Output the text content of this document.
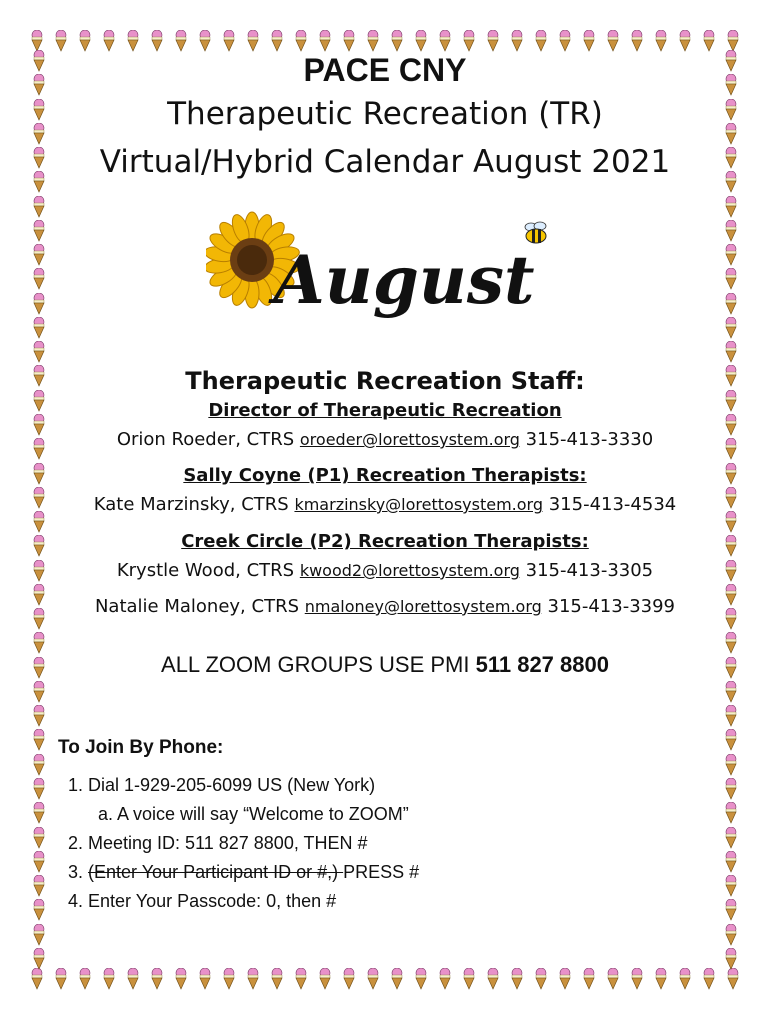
PACE CNY
Therapeutic Recreation (TR)
Virtual/Hybrid Calendar August 2021
August
Therapeutic Recreation Staff:
Director of Therapeutic Recreation
Orion Roeder, CTRS oroeder@lorettosystem.org 315-413-3330
Sally Coyne (P1) Recreation Therapists:
Kate Marzinsky, CTRS kmarzinsky@lorettosystem.org 315-413-4534
Creek Circle (P2) Recreation Therapists:
Krystle Wood, CTRS kwood2@lorettosystem.org 315-413-3305
Natalie Maloney, CTRS nmaloney@lorettosystem.org 315-413-3399
ALL ZOOM GROUPS USE PMI 511 827 8800
To Join By Phone:
1. Dial 1-929-205-6099 US (New York)
a. A voice will say “Welcome to ZOOM”
2. Meeting ID: 511 827 8800, THEN #
3. (Enter Your Participant ID or #,) PRESS #
4. Enter Your Passcode: 0, then #
